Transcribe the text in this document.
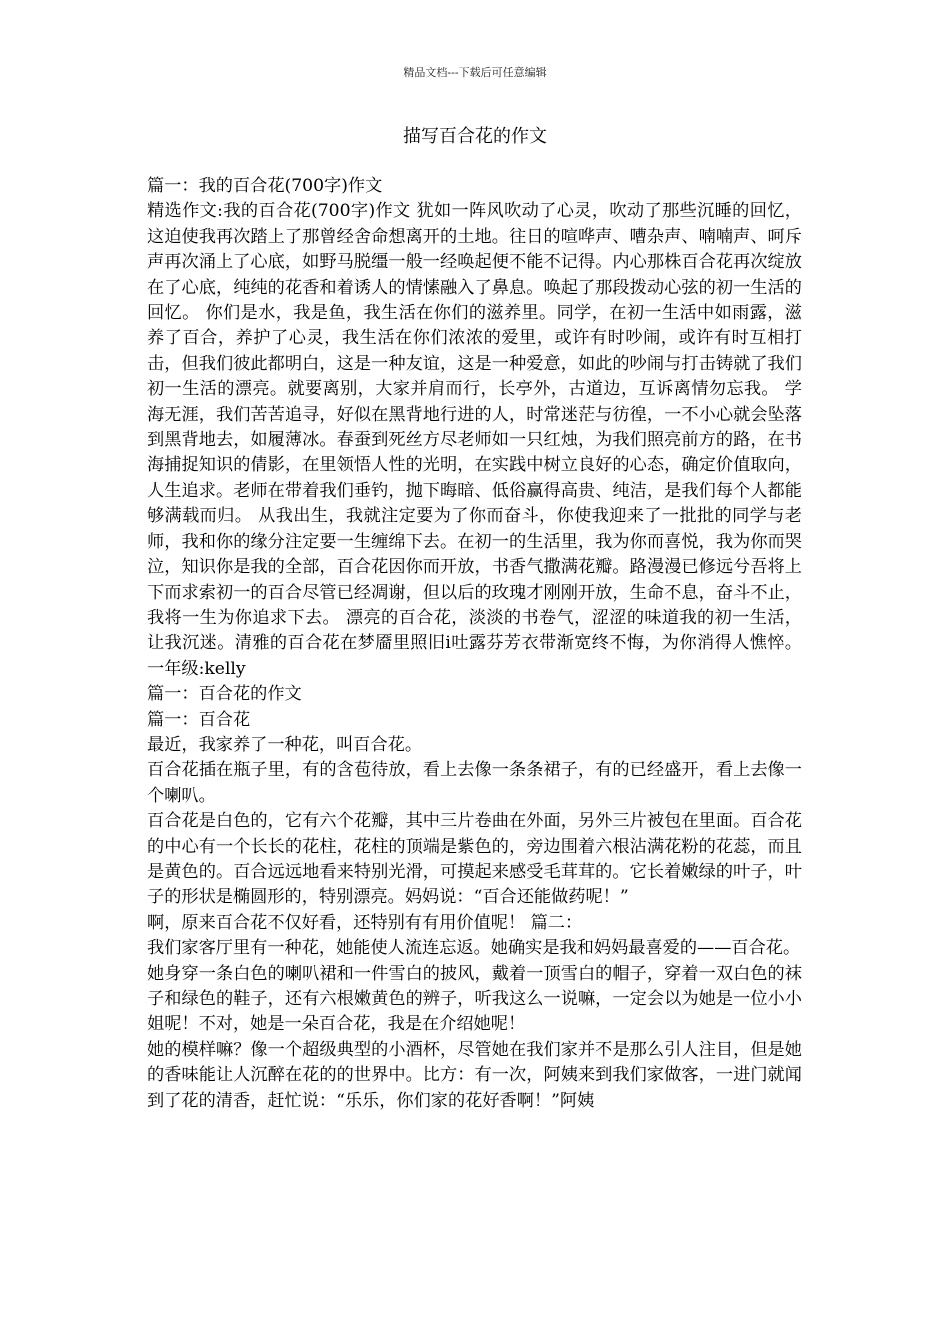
精品文档---下载后可任意编辑
描写百合花的作文

篇一：我的百合花(700字)作文

精选作文:我的百合花(700字)作文 犹如一阵风吹动了心灵，吹动了那些沉睡的回忆，这迫使我再次踏上了那曾经舍命想离开的土地。往日的喧哗声、嘈杂声、喃喃声、呵斥声再次涌上了心底，如野马脱缰一般一经唤起便不能不记得。内心那株百合花再次绽放在了心底，纯纯的花香和着诱人的情愫融入了鼻息。唤起了那段拨动心弦的初一生活的回忆。 你们是水，我是鱼，我生活在你们的滋养里。同学，在初一生活中如雨露，滋养了百合，养护了心灵，我生活在你们浓浓的爱里，或许有时吵闹，或许有时互相打击，但我们彼此都明白，这是一种友谊，这是一种爱意，如此的吵闹与打击铸就了我们初一生活的漂亮。就要离别，大家并肩而行，长亭外，古道边，互诉离情勿忘我。 学海无涯，我们苦苦追寻，好似在黑背地行进的人，时常迷茫与彷徨，一不小心就会坠落到黑背地去，如履薄冰。春蚕到死丝方尽老师如一只红烛，为我们照亮前方的路，在书海捕捉知识的倩影，在里领悟人性的光明，在实践中树立良好的心态，确定价值取向，人生追求。老师在带着我们垂钓，抛下晦暗、低俗赢得高贵、纯洁，是我们每个人都能够满载而归。 从我出生，我就注定要为了你而奋斗，你使我迎来了一批批的同学与老师，我和你的缘分注定要一生缠绵下去。在初一的生活里，我为你而喜悦，我为你而哭泣，知识你是我的全部，百合花因你而开放，书香气撒满花瓣。路漫漫已修远兮吾将上下而求索初一的百合尽管已经凋谢，但以后的玫瑰才刚刚开放，生命不息，奋斗不止，我将一生为你追求下去。 漂亮的百合花，淡淡的书卷气，涩涩的味道我的初一生活，让我沉迷。清雅的百合花在梦靥里照旧i吐露芬芳衣带渐宽终不悔，为你消得人憔悴。一年级:kelly

篇一：百合花的作文

篇一：百合花

最近，我家养了一种花，叫百合花。

百合花插在瓶子里，有的含苞待放，看上去像一条条裙子，有的已经盛开，看上去像一个喇叭。

百合花是白色的，它有六个花瓣，其中三片卷曲在外面，另外三片被包在里面。百合花的中心有一个长长的花柱，花柱的顶端是紫色的，旁边围着六根沾满花粉的花蕊，而且是黄色的。百合远远地看来特别光滑，可摸起来感受毛茸茸的。它长着嫩绿的叶子，叶子的形状是椭圆形的，特别漂亮。妈妈说：“百合还能做药呢！”

啊，原来百合花不仅好看，还特别有有用价值呢！ 篇二：

我们家客厅里有一种花，她能使人流连忘返。她确实是我和妈妈最喜爱的——百合花。

她身穿一条白色的喇叭裙和一件雪白的披风，戴着一顶雪白的帽子，穿着一双白色的袜子和绿色的鞋子，还有六根嫩黄色的辨子，听我这么一说嘛，一定会以为她是一位小小姐呢！不对，她是一朵百合花，我是在介绍她呢！

她的模样嘛？像一个超级典型的小酒杯，尽管她在我们家并不是那么引人注目，但是她的香味能让人沉醉在花的的世界中。比方：有一次，阿姨来到我们家做客，一进门就闻到了花的清香，赶忙说：“乐乐，你们家的花好香啊！”阿姨
